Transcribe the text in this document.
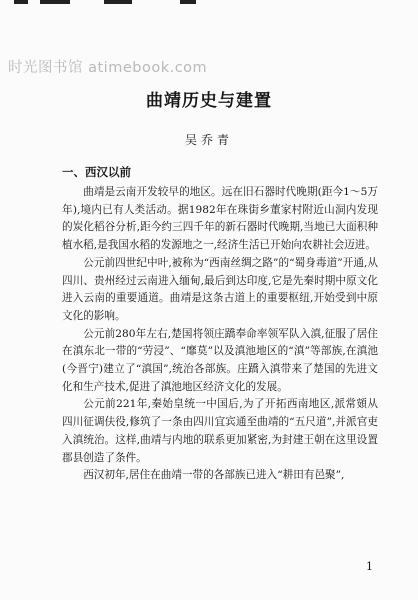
时光图书馆 atimebook.com
曲靖历史与建置
吴乔青
一、西汉以前

曲靖是云南开发较早的地区。远在旧石器时代晚期(距今1～5万年),境内已有人类活动。据1982年在珠街乡董家村附近山洞内发现的炭化稻谷分析,距今约三四千年的新石器时代晚期,当地已大面积种植水稻,是我国水稻的发源地之一,经济生活已开始向农耕社会迈进。

公元前四世纪中叶,被称为“西南丝绸之路”的“蜀身毒道”开通,从四川、贵州经过云南进入缅甸,最后到达印度,它是先秦时期中原文化进入云南的重要通道。曲靖是这条古道上的重要枢纽,开始受到中原文化的影响。

公元前280年左右,楚国将领庄蹻奉命率领军队入滇,征服了居住在滇东北一带的“劳浸”、“靡莫”以及滇池地区的“滇”等部族,在滇池(今晋宁)建立了“滇国”,统治各部族。庄蹻入滇带来了楚国的先进文化和生产技术,促进了滇池地区经济文化的发展。

公元前221年,秦始皇统一中国后,为了开拓西南地区,派常頞从四川征调伕役,修筑了一条由四川宜宾通至曲靖的“五尺道”,并派官吏入滇统治。这样,曲靖与内地的联系更加紧密,为封建王朝在这里设置郡县创造了条件。

西汉初年,居住在曲靖一带的各部族已进入“耕田有邑聚”,

1
